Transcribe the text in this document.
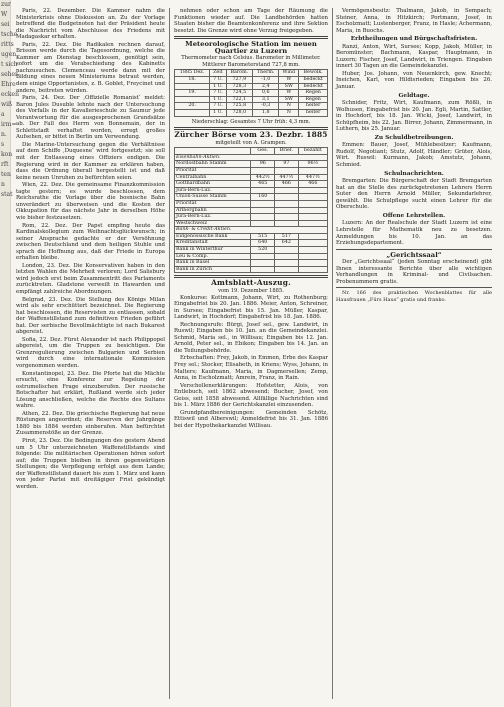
zur
W
sei
tsche
ritts
ugen
t sich
seher
Ehre
ecken
wiß
a
irm=
n.
s
kon
rft
ten
n
stat

Paris, 22. Dezember. Die Kammer nahm die Ministerkrisis ohne Diskussion an. Zu der Vorlage betreffend die Budgetnoten hat der Präsident heute die Nachricht vom Abschlusse des Friedens mit Madagaskar erhalten.

Paris, 22. Dez. Die Radikalen rechnen darauf, Brisson werde durch die Tagesordnung, welche die Kammer am Dienstag beschlossen, genötigt sein, sofort um die Verabschiedung des Kabinetts nachzusuchen. Clemenceau werde dann mit der Bildung eines neuen Ministeriums betraut werden, dem einige Opportunisten, z. B. Goblet, Freycinet und andere, beitreten würden.

Paris, 24. Dez. Der ‚Offizielle Romanist‘ meldet: Baron Jules Dusuble lehnte nach der Untersuchung des Vorfalls in der Kavallerieschule zu Saumur jede Verantwortung für die ausgesprochenen Grundsätze ab. Der Fall des Herrn von Bonnemain, der in Schlettstadt verhaftet worden, erregt großes Aufsehen, er bittet in Berlin um Verwendung.

Die Marine-Untersuchung gegen die Verhältnisse auf dem Schiffe ‚Duquesne‘ wird fortgesetzt; sie soll mit der Entlassung eines Offiziers endigen. Die Regierung wird in der Kammer zu erklären haben, dass die Ordnung überall hergestellt ist und daß keine neuen Unruhen zu befürchten seien.

Wien, 22. Dez. Die gemeinsame Finanzkommission tagte gestern; es wurde beschlossen, dem Reichsrathe die Vorlage über die bosnische Bahn unverändert zu überweisen und die Kosten der Okkupation für das nächste Jahr in derselben Höhe wie bisher festzusetzen.

Rom, 22. Dez. Der Papst empfing heute das Kardinalskollegium zum Weihnachtsglückwunsch; in seiner Ansprache gedachte er der Versöhnung zwischen Deutschland und dem heiligen Stuhle und sprach die Hoffnung aus, daß der Friede in Europa erhalten bleibe.

London, 23. Dez. Die Konservativen haben in den letzten Wahlen die Mehrheit verloren; Lord Salisbury wird jedoch erst beim Zusammentritt des Parlaments zurücktreten. Gladstone verweilt in Hawarden und empfängt zahlreiche Abordnungen.

Belgrad, 23. Dez. Die Stellung des Königs Milan wird als sehr erschüttert bezeichnet. Die Regierung hat beschlossen, die Reservisten zu entlassen, sobald der Waffenstillstand zum definitiven Frieden geführt hat. Der serbische Bevollmächtigte ist nach Bukarest abgereist.

Sofia, 22. Dez. Fürst Alexander ist nach Philippopel abgereist, um die Truppen zu besichtigen. Die Grenzregulierung zwischen Bulgarien und Serbien wird durch eine internationale Kommission vorgenommen werden.

Konstantinopel, 23. Dez. Die Pforte hat die Mächte ersucht, eine Konferenz zur Regelung der ostrumelischen Frage einzuberufen. Der russische Botschafter hat erklärt, Rußland werde sich jeder Lösung anschließen, welche die Rechte des Sultans wahre.

Athen, 22. Dez. Die griechische Regierung hat neue Rüstungen angeordnet; die Reserven der Jahrgänge 1880 bis 1884 werden einberufen. Man befürchtet Zusammenstöße an der Grenze.

Pirot, 23. Dez. Die Bedingungen des gestern Abend um 5 Uhr unterzeichneten Waffenstillstands sind folgende: Die militärischen Operationen hören sofort auf; die Truppen bleiben in ihren gegenwärtigen Stellungen; die Verpflegung erfolgt aus dem Lande; der Waffenstillstand dauert bis zum 1. März und kann von jeder Partei mit dreitägiger Frist gekündigt werden.

nehmen oder schon am Tage der Räumung die Funktionen wieder auf. Die Landbehörden hatten Staaten bisher die Beamtenkonferenz und ihre Sektion besetzt. Die Grenze wird ohne Verzug freigegeben.

Meteorologische Station im neuen Quartier zu Luzern
Thermometer nach Celsius. Barometer in Millimeter.
Mittlerer Barometerstand 727,8 mm.
1885 Dez.	Zeit	Barom.	Therm.	Wind	Bewölk.
18.	7 U.	727,9	-1,0	W	bedeckt
	1 U.	728,3	2,4	SW	bedeckt
19.	7 U.	724,5	0,6	W	Regen
	1 U.	722,1	3,1	SW	Regen
20.	7 U.	725,8	-0,3	N	heiter
	1 U.	728,0	1,8	N	heiter
Niederschlag: Gesamtes 7 Uhr früh: 4,3 mm.
Zürcher Börse vom 23. Dezbr. 1885
mitgeteilt von A. Grampen.
	Ges.	Brief.	bezahlt
Eisenbahn-Aktien.			
Nordostbahn Stamm	96	97	96½
Priorität			
Centralbahn	442½	447½	447½
Gotthardbahn	465	466	466
Jura-Bern-Luz.			
Union-Suisse Stamm	160		
Priorität			
Arlbergbahn			
Jura-Bern-Luz.			
Westschweiz			
Bank- & Credit-Aktien.			
Eidgenössische Bank	515	517	
Kreditanstalt	640	642	
Bank in Winterthur	520		
Leu & Comp.			
Bank in Basel			
Bank in Zürich			
Amtsblatt-Auszug.
vom 19. Dezember 1885.

Konkurse: Kottmann, Johann, Wirt, zu Rothenburg; Eingabefrist bis 20. Jan. 1886. Meier, Anton, Schreiner, in Sursee; Eingabefrist bis 15. Jan. Müller, Kaspar, Landwirt, in Hochdorf; Eingabefrist bis 18. Jan. 1886.

Rechnungsrufe: Bürgi, Josef sel., gew. Landwirt, in Ruswil; Eingaben bis 10. Jan. an die Gemeindekanzlei. Schmid, Maria sel., in Willisau; Eingaben bis 12. Jan. Arnold, Peter sel., in Ebikon; Eingaben bis 14. Jan. an die Teilungsbehörde.

Erbschaften: Frey, Jakob, in Emmen, Erbe des Kaspar Frey sel.; Stocker, Elisabeth, in Kriens; Wyss, Johann, in Malters; Kaufmann, Maria, in Dagmersellen; Zemp, Anna, in Escholzmatt; Amrein, Franz, in Rain.

Verschollenerklärungen: Hofstetter, Alois, von Entlebuch, seit 1862 abwesend; Bucher, Josef, von Geiss, seit 1858 abwesend. Allfällige Nachrichten sind bis 1. März 1886 der Gerichtskanzlei einzusenden.

Grundpfandbereinigungen: Gemeinden Schötz, Ettiswil und Alberswil; Anmeldefrist bis 31. Jan. 1886 bei der Hypothekarkanzlei Willisau.

Vermögensbesitz: Thalmann, Jakob, in Sempach; Steiner, Anna, in Hitzkirch; Portmann, Josef, in Escholzmatt; Lustenberger, Franz, in Hasle; Achermann, Maria, in Buochs.

Erbtheilungen und Bürgschaftsfristen.

Ranzi, Anton, Wirt, Sursee; Kopp, Jakob, Müller, in Beromünster; Bachmann, Kaspar, Hauptmann, in Luzern; Fischer, Josef, Landwirt, in Triengen. Eingaben innert 30 Tagen an die Gemeindekanzlei.

Huber, Jos. Johann, von Neuenkirch, gew. Knecht; Ineichen, Karl, von Hildisrieden; Eingaben bis 26. Januar.

Geldtage.

Schnider, Fritz, Wirt, Kaufmann, zum Rößli, in Wolhusen, Eingabefrist bis 20. Jan. Egli, Martin, Sattler, in Hochdorf, bis 18. Jan. Wicki, Josef, Landwirt, in Schüpfheim, bis 22. Jan. Birrer, Johann, Zimmermann, in Luthern, bis 25. Januar.

Zu Schuldbetreibungen.

Emmen: Bauer, Josef, Mühlebesitzer; Kaufmann, Rudolf, Negotiant; Stutz, Adolf, Händler; Grüter, Alois, Wirt. Ruswil: Kurmann, Jakob; Amstutz, Johann, Schmied.

Schulnachrichten.

Bremgarten: Die Bürgerschaft der Stadt Bremgarten hat an die Stelle des zurückgetretenen Lehrers Herrn Suter den Herrn Arnold Müller, Sekundarlehrer, gewählt. Die Schulpflege sucht einen Lehrer für die Oberschule.

Offene Lehrstellen.

Luzern: An der Realschule der Stadt Luzern ist eine Lehrstelle für Mathematik neu zu besetzen. Anmeldungen bis 10. Jan. an das Erziehungsdepartement.

„Gerichtssaal“

Der „Gerichtssaal“ (jeden Sonntag erscheinend) gibt Ihnen interessante Berichte über alle wichtigen Verhandlungen in Kriminal- und Civilsachen. Probenummern gratis.

Nr. 166 des praktischen Wochenblattes für alle Hausfrauen „Fürs Haus“ gratis und franko.
